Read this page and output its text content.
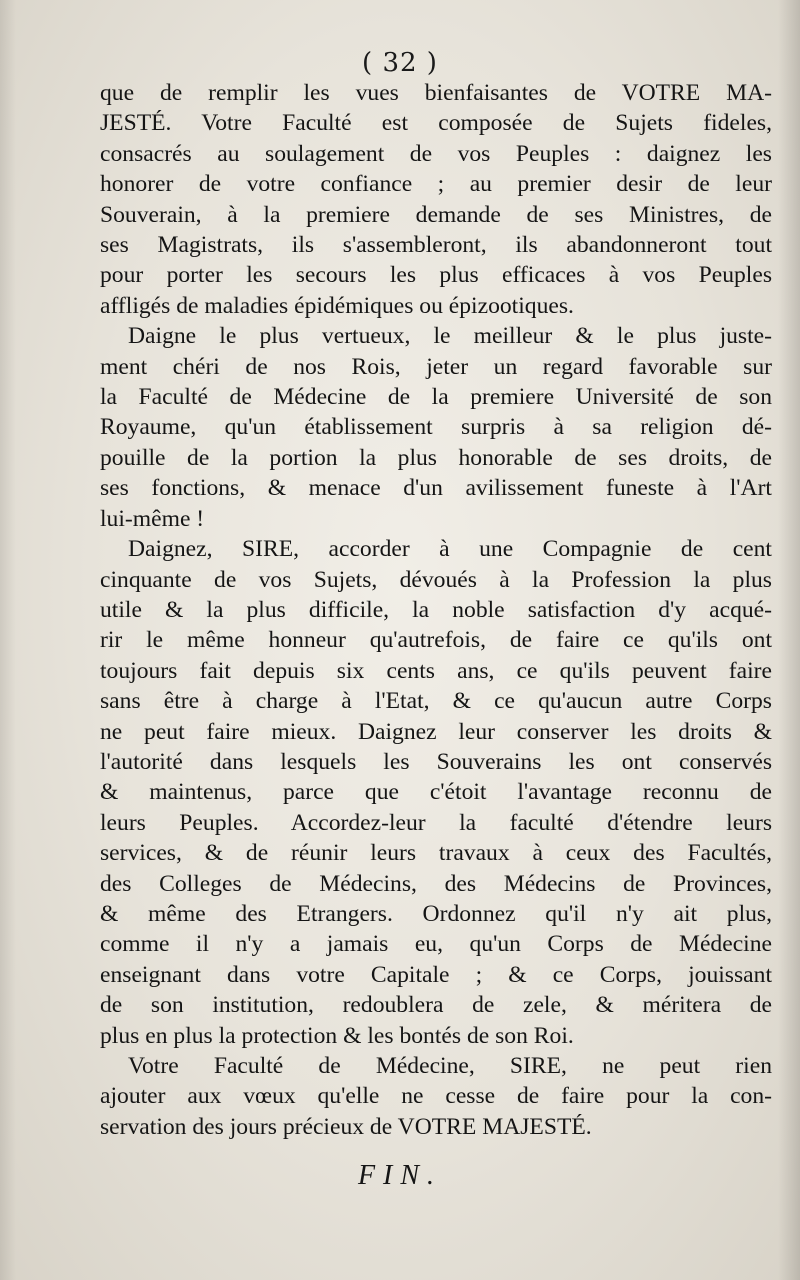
( 32 )
que de remplir les vues bienfaisantes de VOTRE MA-
JESTÉ. Votre Faculté est composée de Sujets fideles,
consacrés au soulagement de vos Peuples : daignez les
honorer de votre confiance ; au premier desir de leur
Souverain, à la premiere demande de ses Ministres, de
ses Magistrats, ils s'assembleront, ils abandonneront tout
pour porter les secours les plus efficaces à vos Peuples
affligés de maladies épidémiques ou épizootiques.
Daigne le plus vertueux, le meilleur & le plus juste-
ment chéri de nos Rois, jeter un regard favorable sur
la Faculté de Médecine de la premiere Université de son
Royaume, qu'un établissement surpris à sa religion dé-
pouille de la portion la plus honorable de ses droits, de
ses fonctions, & menace d'un avilissement funeste à l'Art
lui-même !
Daignez, SIRE, accorder à une Compagnie de cent
cinquante de vos Sujets, dévoués à la Profession la plus
utile & la plus difficile, la noble satisfaction d'y acqué-
rir le même honneur qu'autrefois, de faire ce qu'ils ont
toujours fait depuis six cents ans, ce qu'ils peuvent faire
sans être à charge à l'Etat, & ce qu'aucun autre Corps
ne peut faire mieux. Daignez leur conserver les droits &
l'autorité dans lesquels les Souverains les ont conservés
& maintenus, parce que c'étoit l'avantage reconnu de
leurs Peuples. Accordez-leur la faculté d'étendre leurs
services, & de réunir leurs travaux à ceux des Facultés,
des Colleges de Médecins, des Médecins de Provinces,
& même des Etrangers. Ordonnez qu'il n'y ait plus,
comme il n'y a jamais eu, qu'un Corps de Médecine
enseignant dans votre Capitale ; & ce Corps, jouissant
de son institution, redoublera de zele, & méritera de
plus en plus la protection & les bontés de son Roi.
Votre Faculté de Médecine, SIRE, ne peut rien
ajouter aux vœux qu'elle ne cesse de faire pour la con-
servation des jours précieux de VOTRE MAJESTÉ.
FIN.
